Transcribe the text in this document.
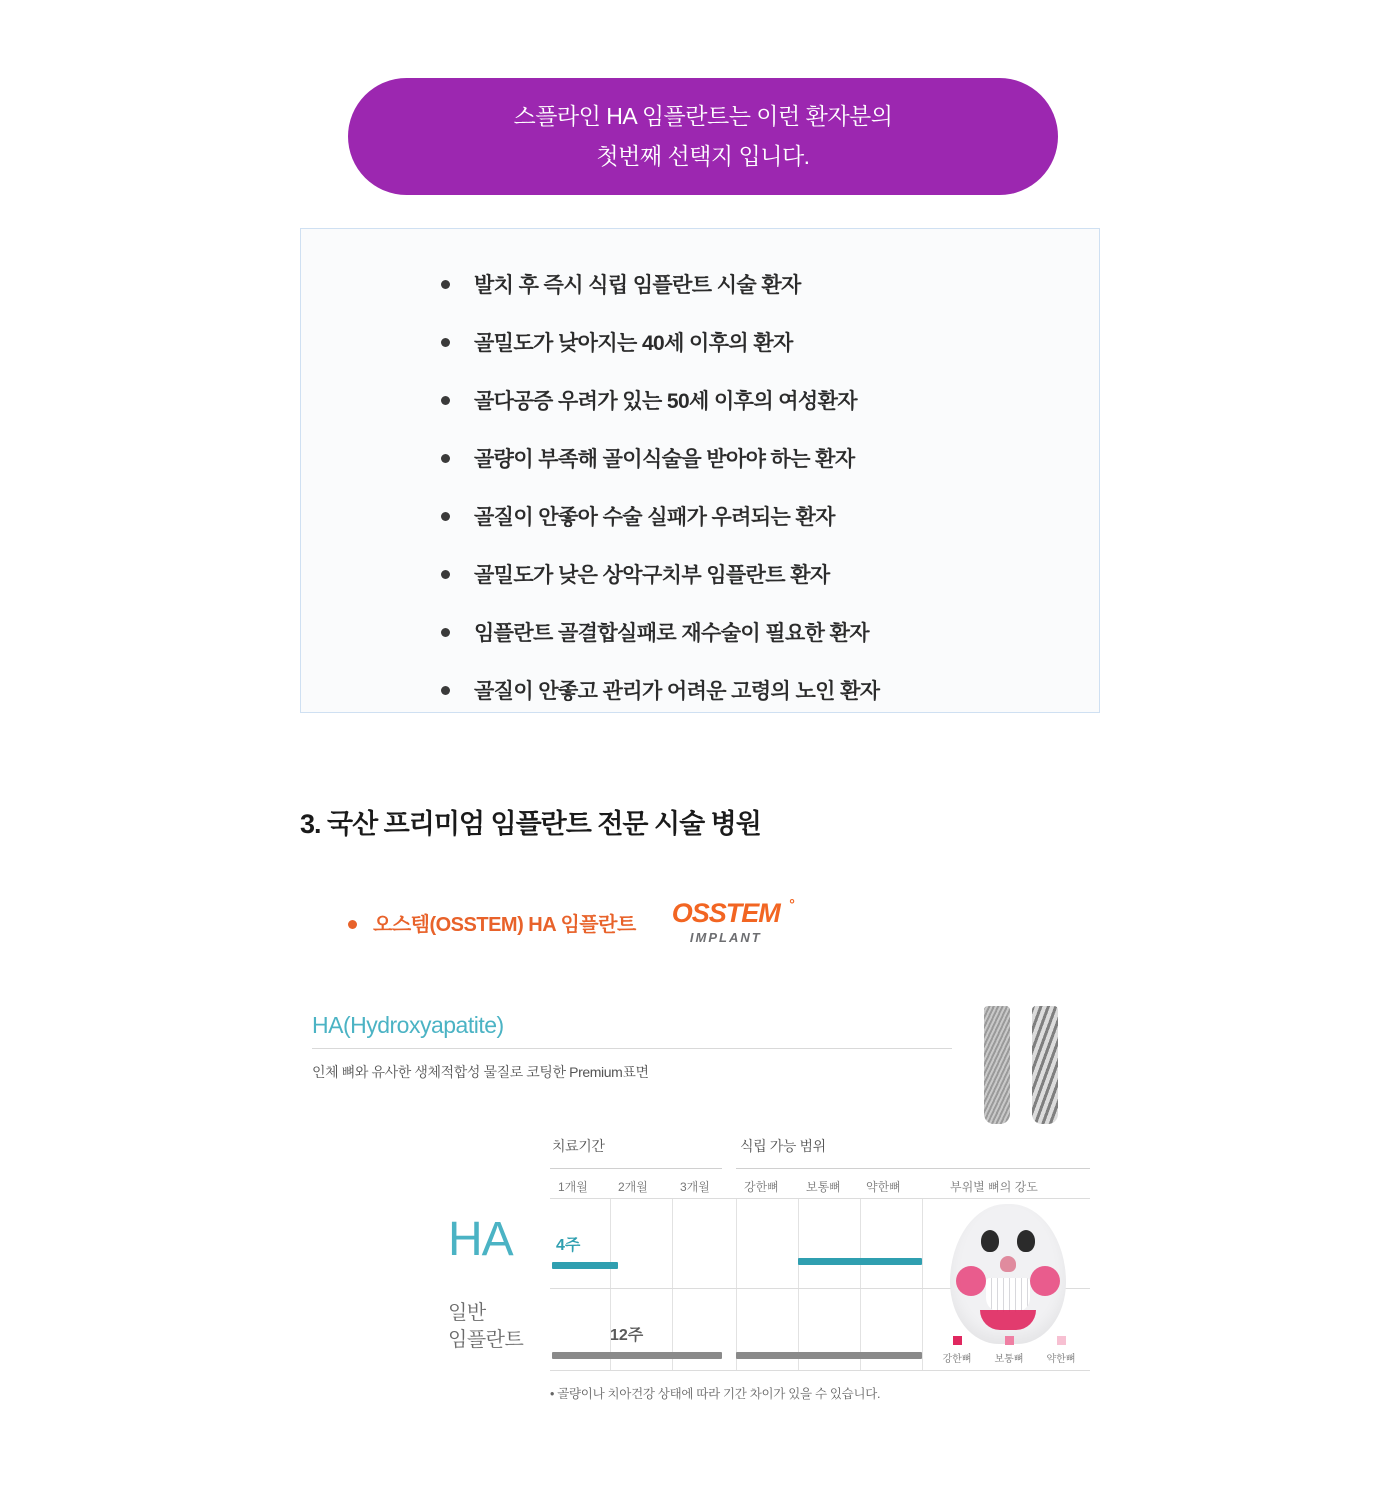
스플라인 HA 임플란트는 이런 환자분의
첫번째 선택지 입니다.
발치 후 즉시 식립 임플란트 시술 환자
골밀도가 낮아지는 40세 이후의 환자
골다공증 우려가 있는 50세 이후의 여성환자
골량이 부족해 골이식술을 받아야 하는 환자
골질이 안좋아 수술 실패가 우려되는 환자
골밀도가 낮은 상악구치부 임플란트 환자
임플란트 골결합실패로 재수술이 필요한 환자
골질이 안좋고 관리가 어려운 고령의 노인 환자
3. 국산 프리미엄 임플란트 전문 시술 병원
오스템(OSSTEM) HA 임플란트 OSSTEM °
IMPLANT
HA(Hydroxyapatite)
인체 뼈와 유사한 생체적합성 물질로 코팅한 Premium표면
치료기간	식립 가능 범위
1개월	2개월	3개월	강한뼈 보통뼈 약한뼈	부위별 뼈의 강도
HA
일반
임플란트
4주
12주
강한뼈 보통뼈 약한뼈
• 골량이나 치아건강 상태에 따라 기간 차이가 있을 수 있습니다.
